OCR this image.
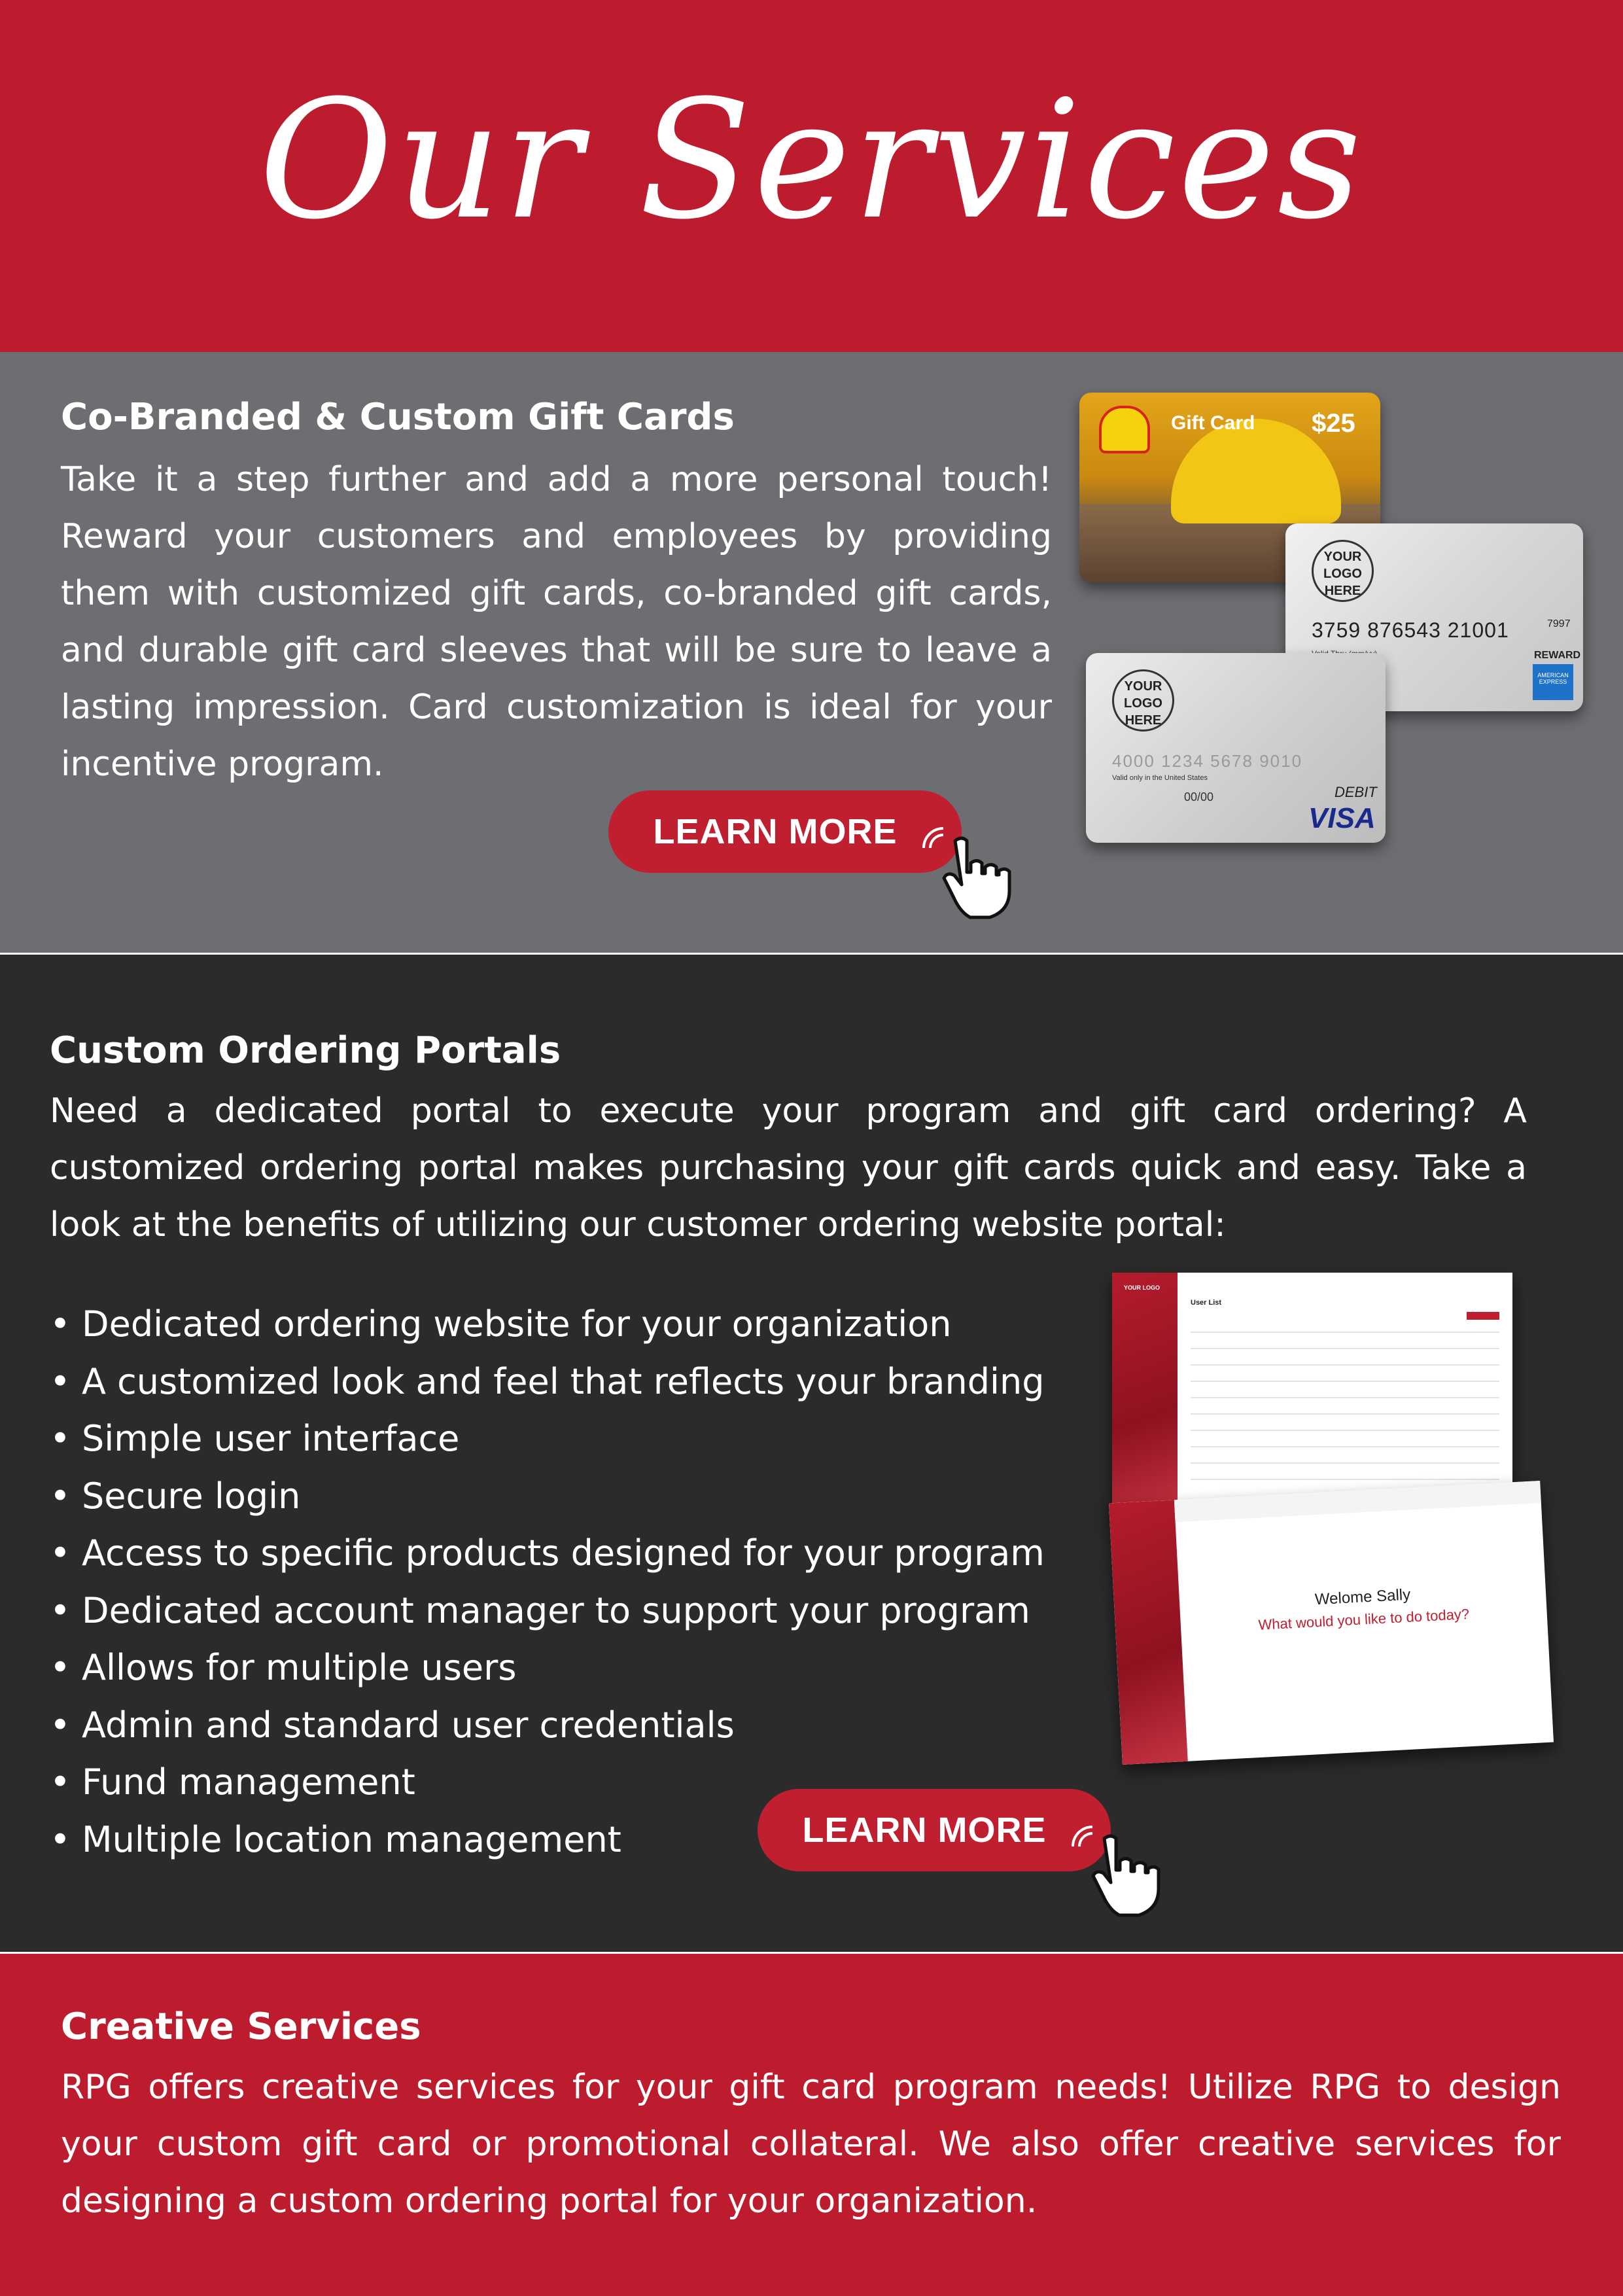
Our Services
Co-Branded & Custom Gift Cards

Take it a step further and add a more personal touch! Reward your customers and employees by providing them with customized gift cards, co-branded gift cards, and durable gift card sleeves that will be sure to leave a lasting impression. Card customization is ideal for your incentive program.

LEARN MORE
Gift Card $25
YOUR LOGO HERE
3759 876543 21001	7997
REWARD
AMERICAN EXPRESS
YOUR LOGO HERE
4000 1234 5678 9010
Valid only in the United States
00/00	DEBIT
VISA
Custom Ordering Portals

Need a dedicated portal to execute your program and gift card ordering? A customized ordering portal makes purchasing your gift cards quick and easy. Take a look at the benefits of utilizing our customer ordering website portal:

• Dedicated ordering website for your organization
• A customized look and feel that reflects your branding
• Simple user interface
• Secure login
• Access to specific products designed for your program
• Dedicated account manager to support your program
• Allows for multiple users
• Admin and standard user credentials
• Fund management
• Multiple location management
YOUR LOGO
User List
Welome Sally
What would you like to do today?
LEARN MORE
Creative Services

RPG offers creative services for your gift card program needs! Utilize RPG to design your custom gift card or promotional collateral. We also offer creative services for designing a custom ordering portal for your organization.
